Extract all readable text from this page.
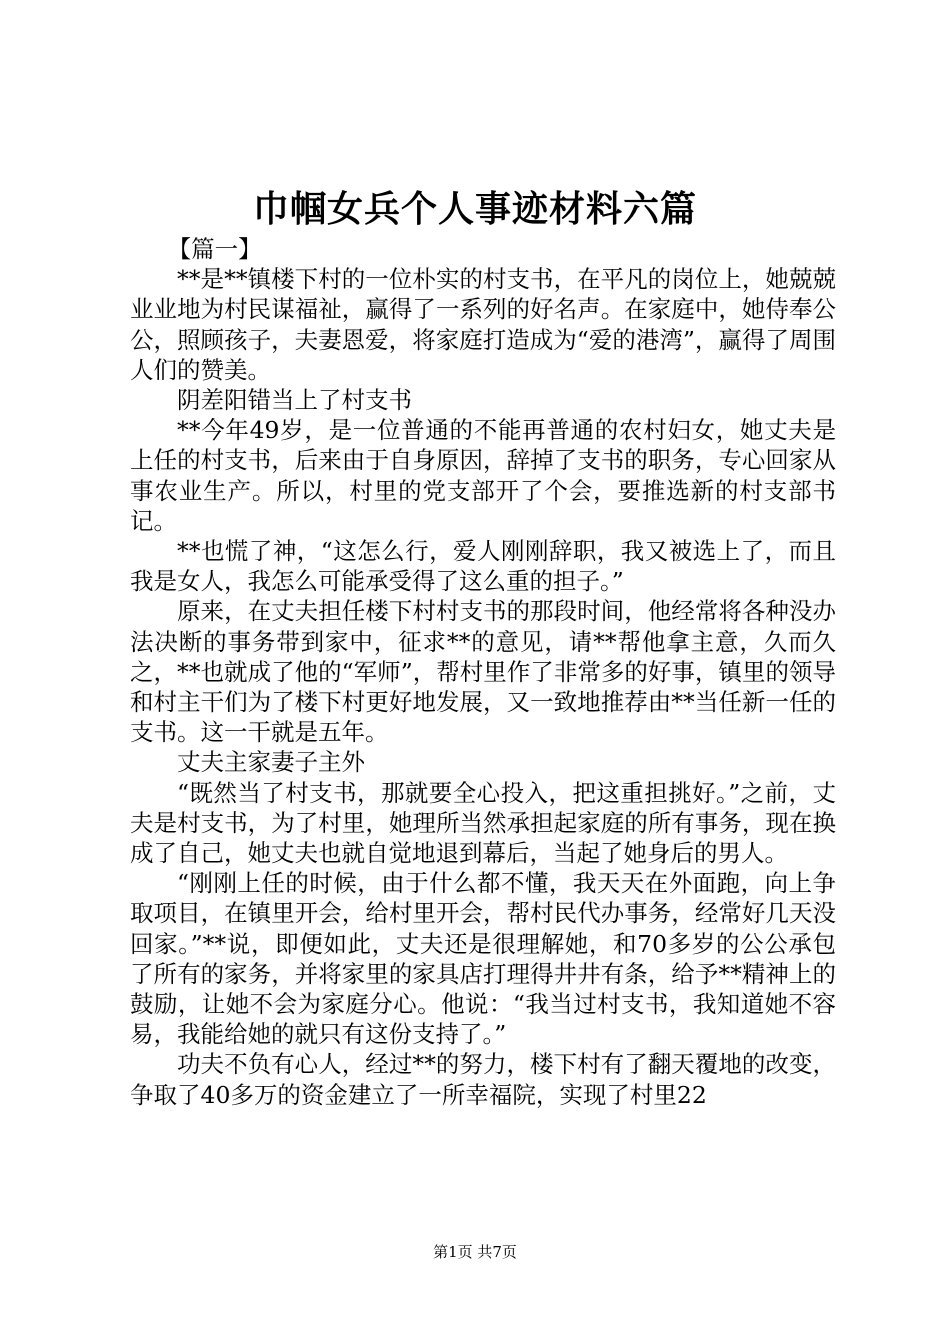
巾帼女兵个人事迹材料六篇

【篇一】

**是**镇楼下村的一位朴实的村支书，在平凡的岗位上，她兢兢业业地为村民谋福祉，赢得了一系列的好名声。在家庭中，她侍奉公公，照顾孩子，夫妻恩爱，将家庭打造成为“爱的港湾”，赢得了周围人们的赞美。

阴差阳错当上了村支书

**今年49岁，是一位普通的不能再普通的农村妇女，她丈夫是上任的村支书，后来由于自身原因，辞掉了支书的职务，专心回家从事农业生产。所以，村里的党支部开了个会，要推选新的村支部书记。

**也慌了神，“这怎么行，爱人刚刚辞职，我又被选上了，而且我是女人，我怎么可能承受得了这么重的担子。”

原来，在丈夫担任楼下村村支书的那段时间，他经常将各种没办法决断的事务带到家中，征求**的意见，请**帮他拿主意，久而久之，**也就成了他的“军师”，帮村里作了非常多的好事，镇里的领导和村主干们为了楼下村更好地发展，又一致地推荐由**当任新一任的支书。这一干就是五年。

丈夫主家妻子主外

“既然当了村支书，那就要全心投入，把这重担挑好。”之前，丈夫是村支书，为了村里，她理所当然承担起家庭的所有事务，现在换成了自己，她丈夫也就自觉地退到幕后，当起了她身后的男人。

“刚刚上任的时候，由于什么都不懂，我天天在外面跑，向上争取项目，在镇里开会，给村里开会，帮村民代办事务，经常好几天没回家。”**说，即便如此，丈夫还是很理解她，和70多岁的公公承包了所有的家务，并将家里的家具店打理得井井有条，给予**精神上的鼓励，让她不会为家庭分心。他说：“我当过村支书，我知道她不容易，我能给她的就只有这份支持了。”

功夫不负有心人，经过**的努力，楼下村有了翻天覆地的改变，争取了40多万的资金建立了一所幸福院，实现了村里22

第1页 共7页
